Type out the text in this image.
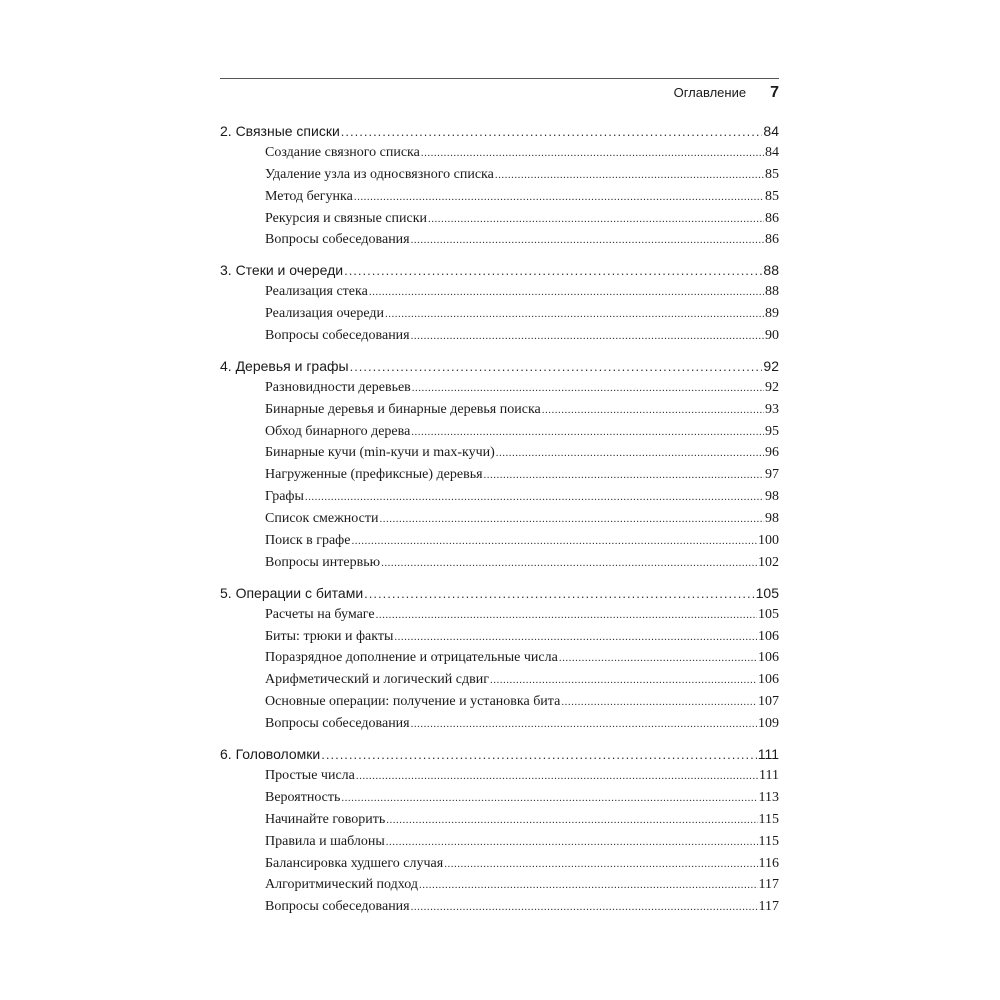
Оглавление 7
2. Связные списки .....	84
Создание связного списка .....	84
Удаление узла из односвязного списка .....	85
Метод бегунка .....	85
Рекурсия и связные списки .....	86
Вопросы собеседования .....	86
3. Стеки и очереди .....	88
Реализация стека .....	88
Реализация очереди .....	89
Вопросы собеседования .....	90
4. Деревья и графы .....	92
Разновидности деревьев .....	92
Бинарные деревья и бинарные деревья поиска .....	93
Обход бинарного дерева .....	95
Бинарные кучи (min-кучи и max-кучи) .....	96
Нагруженные (префиксные) деревья .....	97
Графы .....	98
Список смежности .....	98
Поиск в графе .....	100
Вопросы интервью .....	102
5. Операции с битами .....	105
Расчеты на бумаге .....	105
Биты: трюки и факты .....	106
Поразрядное дополнение и отрицательные числа .....	106
Арифметический и логический сдвиг .....	106
Основные операции: получение и установка бита .....	107
Вопросы собеседования .....	109
6. Головоломки .....	111
Простые числа .....	111
Вероятность .....	113
Начинайте говорить .....	115
Правила и шаблоны .....	115
Балансировка худшего случая .....	116
Алгоритмический подход .....	117
Вопросы собеседования .....	117
